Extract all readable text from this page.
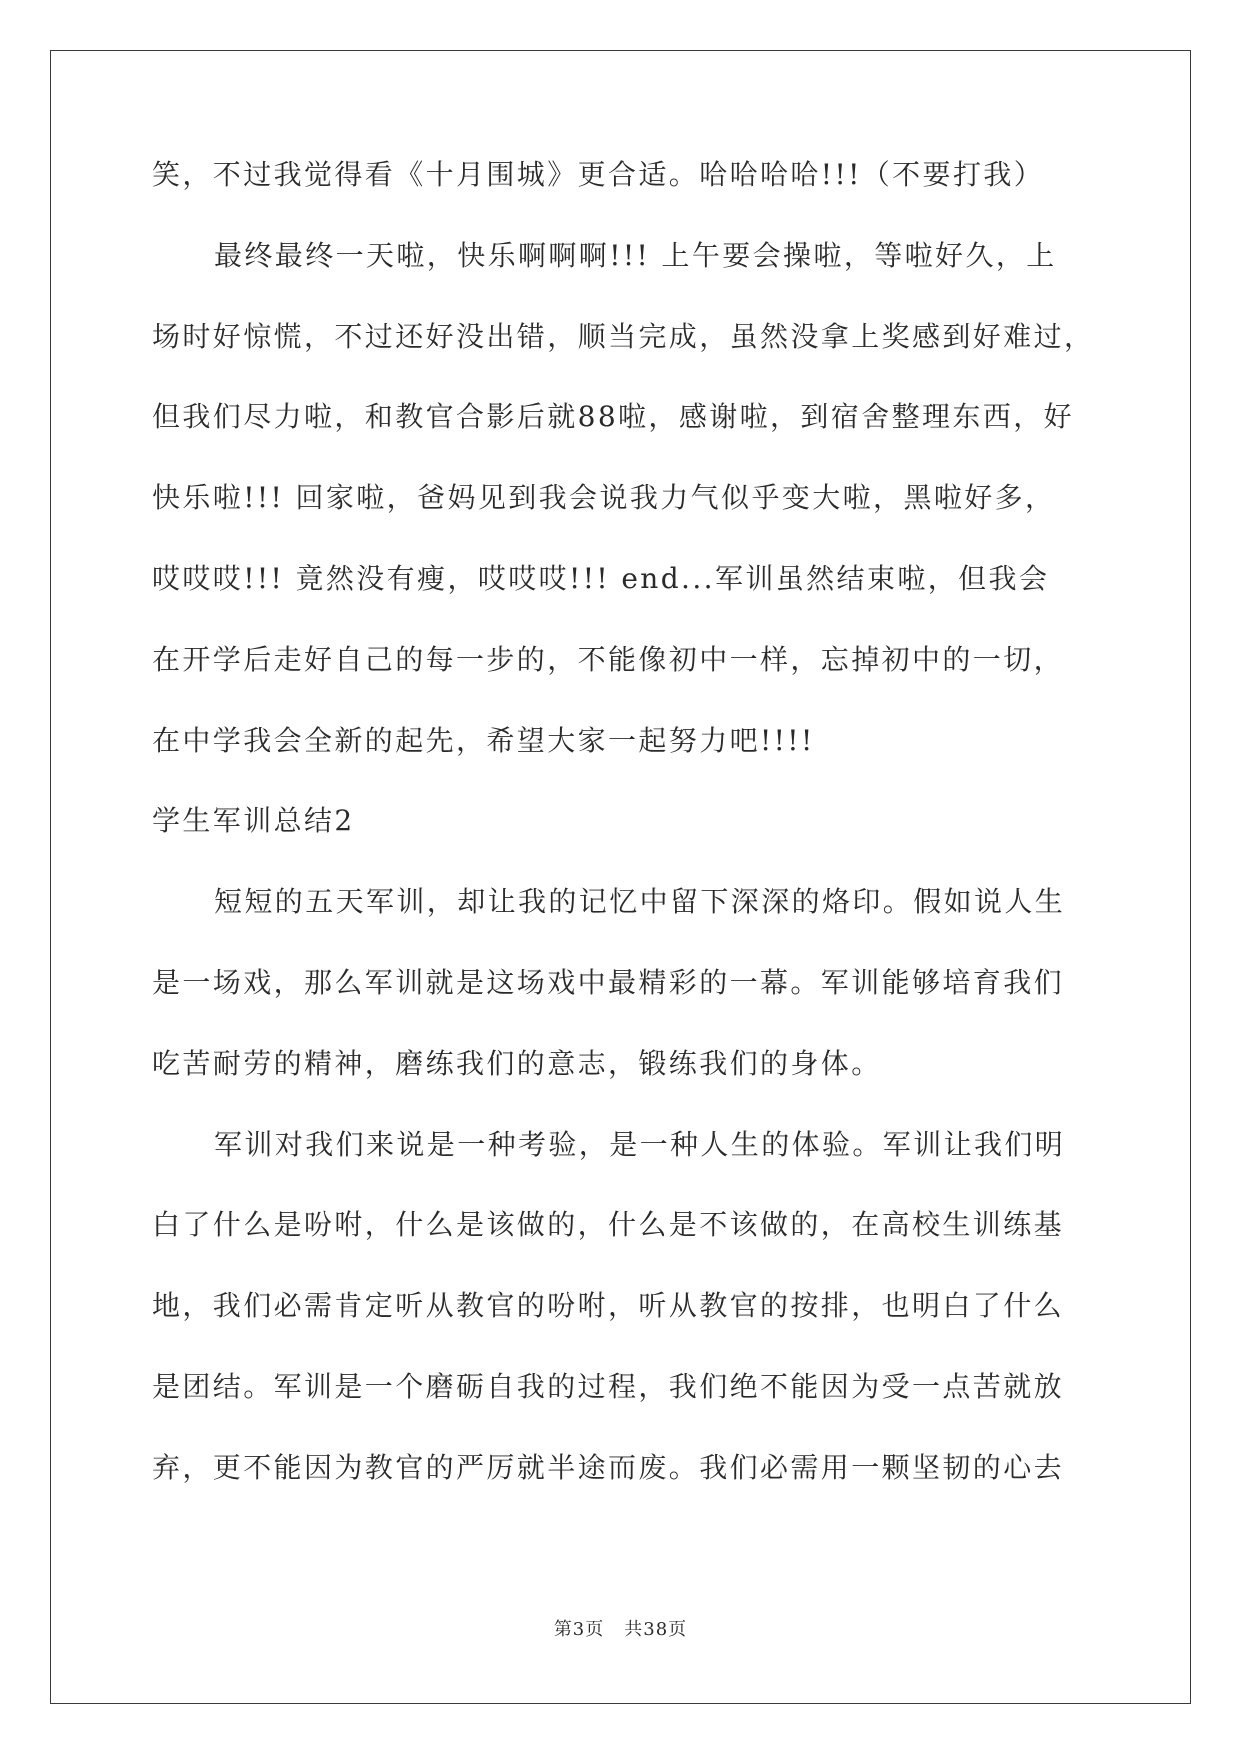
笑，不过我觉得看《十月围城》更合适。哈哈哈哈!!!（不要打我）
最终最终一天啦，快乐啊啊啊!!! 上午要会操啦，等啦好久，上
场时好惊慌，不过还好没出错，顺当完成，虽然没拿上奖感到好难过，
但我们尽力啦，和教官合影后就88啦，感谢啦，到宿舍整理东西，好
快乐啦!!! 回家啦，爸妈见到我会说我力气似乎变大啦，黑啦好多，
哎哎哎!!! 竟然没有瘦，哎哎哎!!! end...军训虽然结束啦，但我会
在开学后走好自己的每一步的，不能像初中一样，忘掉初中的一切，
在中学我会全新的起先，希望大家一起努力吧!!!!
学生军训总结2
短短的五天军训，却让我的记忆中留下深深的烙印。假如说人生
是一场戏，那么军训就是这场戏中最精彩的一幕。军训能够培育我们
吃苦耐劳的精神，磨练我们的意志，锻练我们的身体。
军训对我们来说是一种考验，是一种人生的体验。军训让我们明
白了什么是吩咐，什么是该做的，什么是不该做的，在高校生训练基
地，我们必需肯定听从教官的吩咐，听从教官的按排，也明白了什么
是团结。军训是一个磨砺自我的过程，我们绝不能因为受一点苦就放
弃，更不能因为教官的严厉就半途而废。我们必需用一颗坚韧的心去
第3页 共38页
